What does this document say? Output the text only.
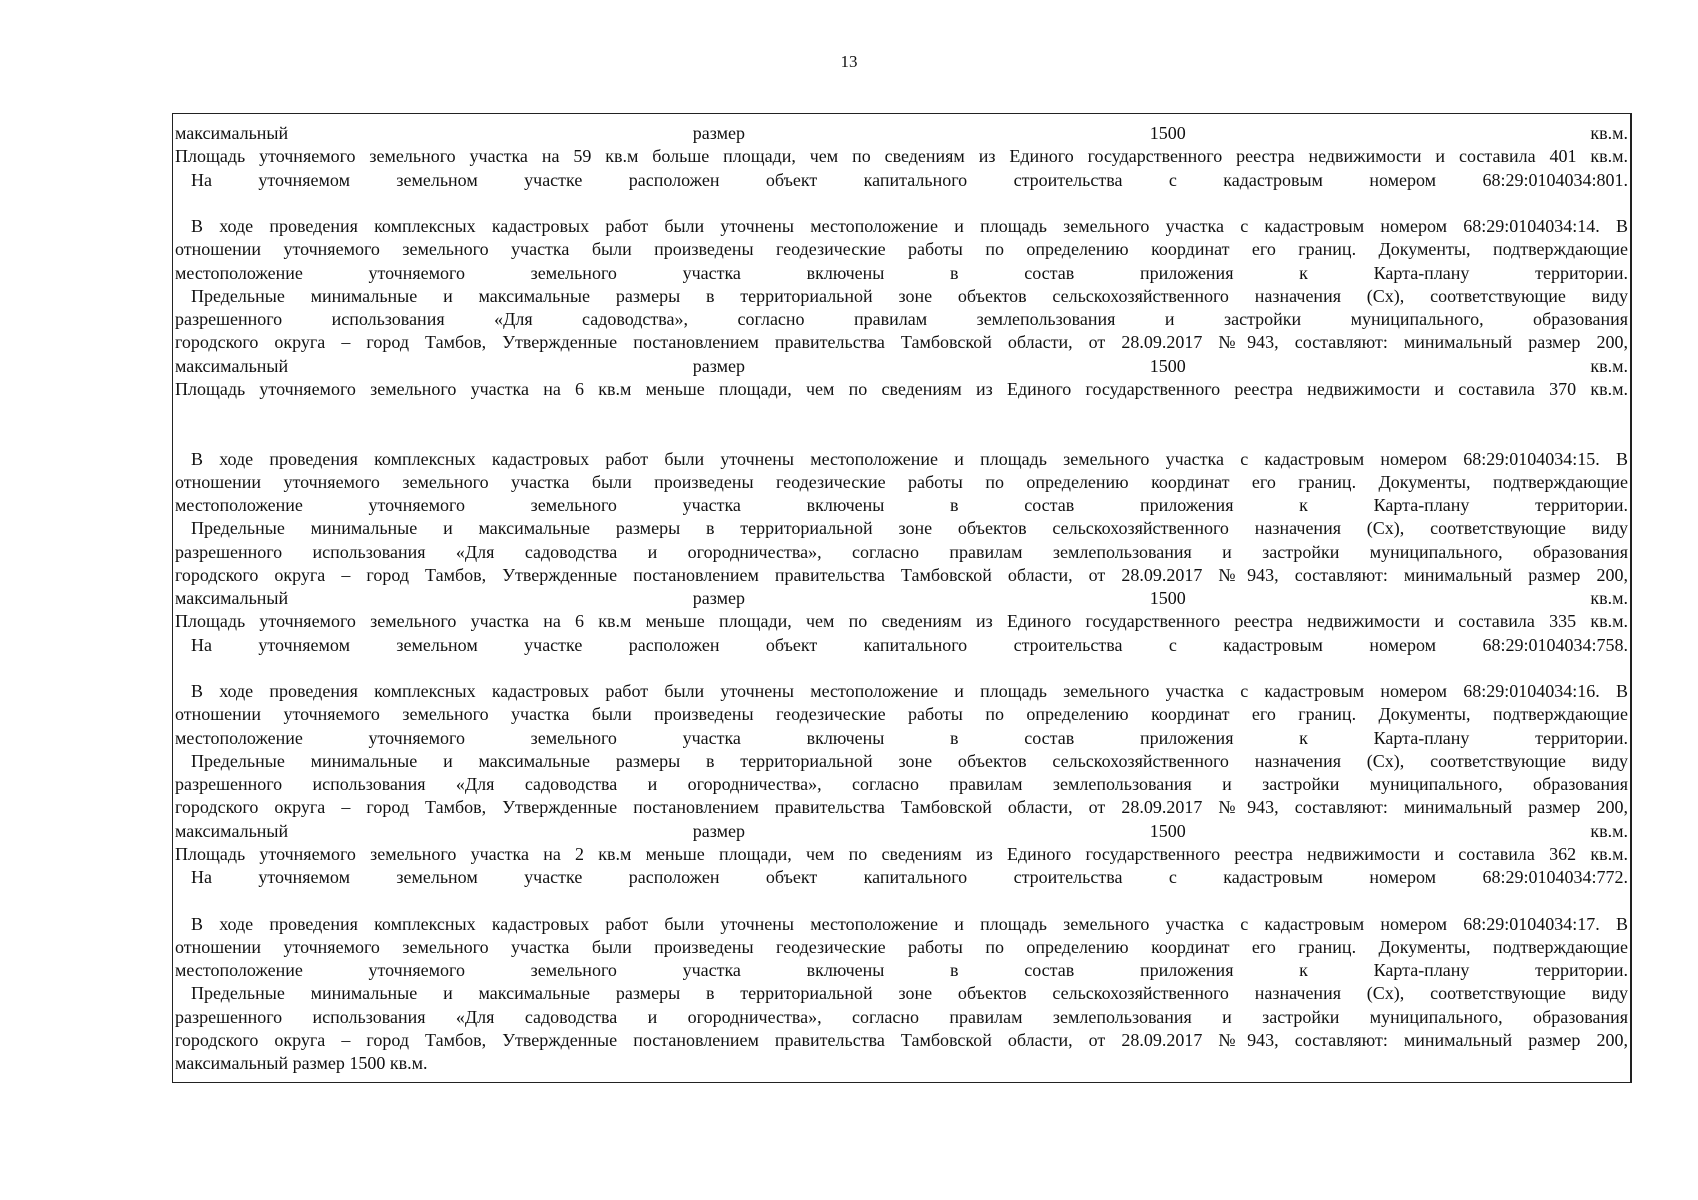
13
максимальный размер 1500 кв.м.
Площадь уточняемого земельного участка на 59 кв.м больше площади, чем по сведениям из Единого государственного реестра недвижимости и составила 401 кв.м.
На уточняемом земельном участке расположен объект капитального строительства с кадастровым номером 68:29:0104034:801.
В ходе проведения комплексных кадастровых работ были уточнены местоположение и площадь земельного участка с кадастровым номером 68:29:0104034:14. В
отношении уточняемого земельного участка были произведены геодезические работы по определению координат его границ. Документы, подтверждающие
местоположение уточняемого земельного участка включены в состав приложения к Карта-плану территории.
Предельные минимальные и максимальные размеры в территориальной зоне объектов сельскохозяйственного назначения (Сх), соответствующие виду
разрешенного использования «Для садоводства», согласно правилам землепользования и застройки муниципального, образования
городского округа – город Тамбов, Утвержденные постановлением правительства Тамбовской области, от 28.09.2017 №943, составляют: минимальный размер 200,
максимальный размер 1500 кв.м.
Площадь уточняемого земельного участка на 6 кв.м меньше площади, чем по сведениям из Единого государственного реестра недвижимости и составила 370 кв.м.
В ходе проведения комплексных кадастровых работ были уточнены местоположение и площадь земельного участка с кадастровым номером 68:29:0104034:15. В
отношении уточняемого земельного участка были произведены геодезические работы по определению координат его границ. Документы, подтверждающие
местоположение уточняемого земельного участка включены в состав приложения к Карта-плану территории.
Предельные минимальные и максимальные размеры в территориальной зоне объектов сельскохозяйственного назначения (Сх), соответствующие виду
разрешенного использования «Для садоводства и огородничества», согласно правилам землепользования и застройки муниципального, образования
городского округа – город Тамбов, Утвержденные постановлением правительства Тамбовской области, от 28.09.2017 №943, составляют: минимальный размер 200,
максимальный размер 1500 кв.м.
Площадь уточняемого земельного участка на 6 кв.м меньше площади, чем по сведениям из Единого государственного реестра недвижимости и составила 335 кв.м.
На уточняемом земельном участке расположен объект капитального строительства с кадастровым номером 68:29:0104034:758.
В ходе проведения комплексных кадастровых работ были уточнены местоположение и площадь земельного участка с кадастровым номером 68:29:0104034:16. В
отношении уточняемого земельного участка были произведены геодезические работы по определению координат его границ. Документы, подтверждающие
местоположение уточняемого земельного участка включены в состав приложения к Карта-плану территории.
Предельные минимальные и максимальные размеры в территориальной зоне объектов сельскохозяйственного назначения (Сх), соответствующие виду
разрешенного использования «Для садоводства и огородничества», согласно правилам землепользования и застройки муниципального, образования
городского округа – город Тамбов, Утвержденные постановлением правительства Тамбовской области, от 28.09.2017 №943, составляют: минимальный размер 200,
максимальный размер 1500 кв.м.
Площадь уточняемого земельного участка на 2 кв.м меньше площади, чем по сведениям из Единого государственного реестра недвижимости и составила 362 кв.м.
На уточняемом земельном участке расположен объект капитального строительства с кадастровым номером 68:29:0104034:772.
В ходе проведения комплексных кадастровых работ были уточнены местоположение и площадь земельного участка с кадастровым номером 68:29:0104034:17. В
отношении уточняемого земельного участка были произведены геодезические работы по определению координат его границ. Документы, подтверждающие
местоположение уточняемого земельного участка включены в состав приложения к Карта-плану территории.
Предельные минимальные и максимальные размеры в территориальной зоне объектов сельскохозяйственного назначения (Сх), соответствующие виду
разрешенного использования «Для садоводства и огородничества», согласно правилам землепользования и застройки муниципального, образования
городского округа – город Тамбов, Утвержденные постановлением правительства Тамбовской области, от 28.09.2017 №943, составляют: минимальный размер 200,
максимальный размер 1500 кв.м.
